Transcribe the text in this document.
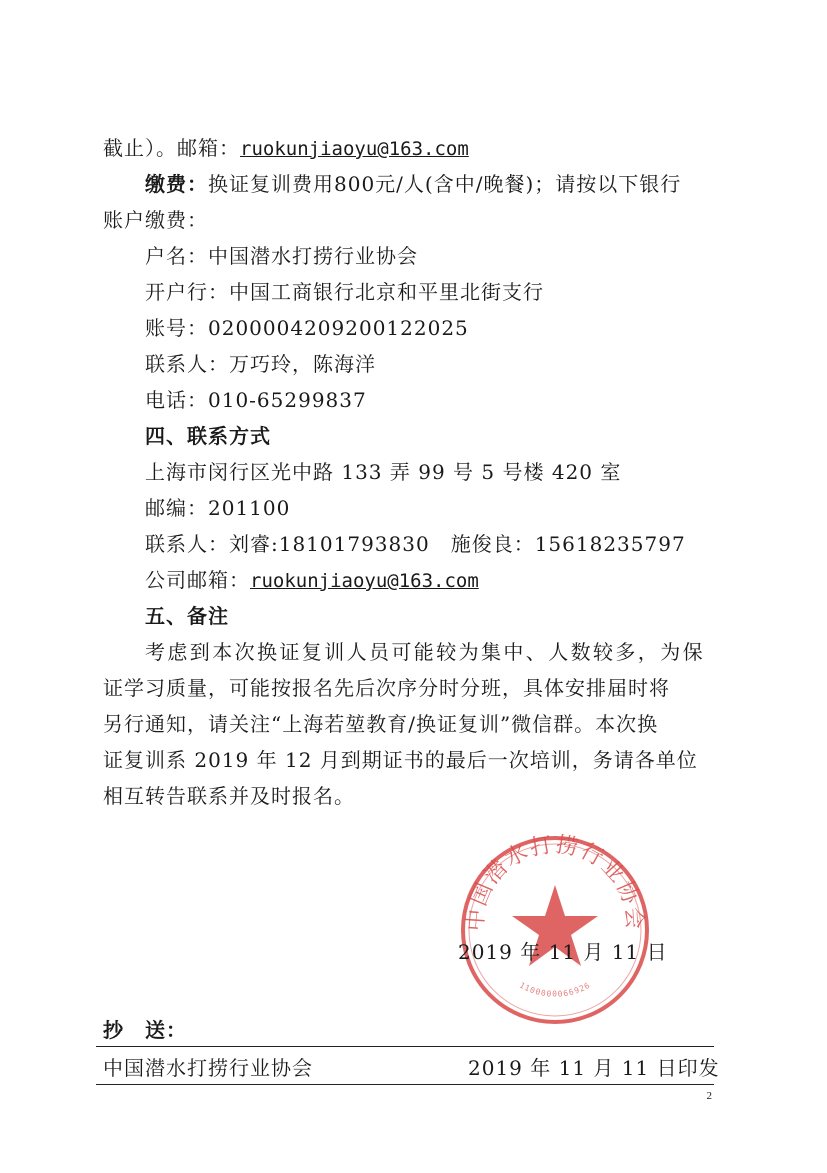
截止）。邮箱：ruokunjiaoyu@163.com
缴费：换证复训费用800元/人(含中/晚餐)；请按以下银行
账户缴费：
户名：中国潜水打捞行业协会
开户行：中国工商银行北京和平里北街支行
账号：0200004209200122025
联系人：万巧玲，陈海洋
电话：010-65299837
四、联系方式
上海市闵行区光中路 133 弄 99 号 5 号楼 420 室
邮编：201100
联系人：刘睿:18101793830　施俊良：15618235797
公司邮箱：ruokunjiaoyu@163.com
五、备注
考虑到本次换证复训人员可能较为集中、人数较多，为保
证学习质量，可能按报名先后次序分时分班，具体安排届时将
另行通知，请关注“上海若堃教育/换证复训”微信群。本次换
证复训系 2019 年 12 月到期证书的最后一次培训，务请各单位
相互转告联系并及时报名。
中国潜水打捞行业协会
1100000066926
2019 年 11 月 11 日
抄　送：
中国潜水打捞行业协会	2019 年 11 月 11 日印发
2
